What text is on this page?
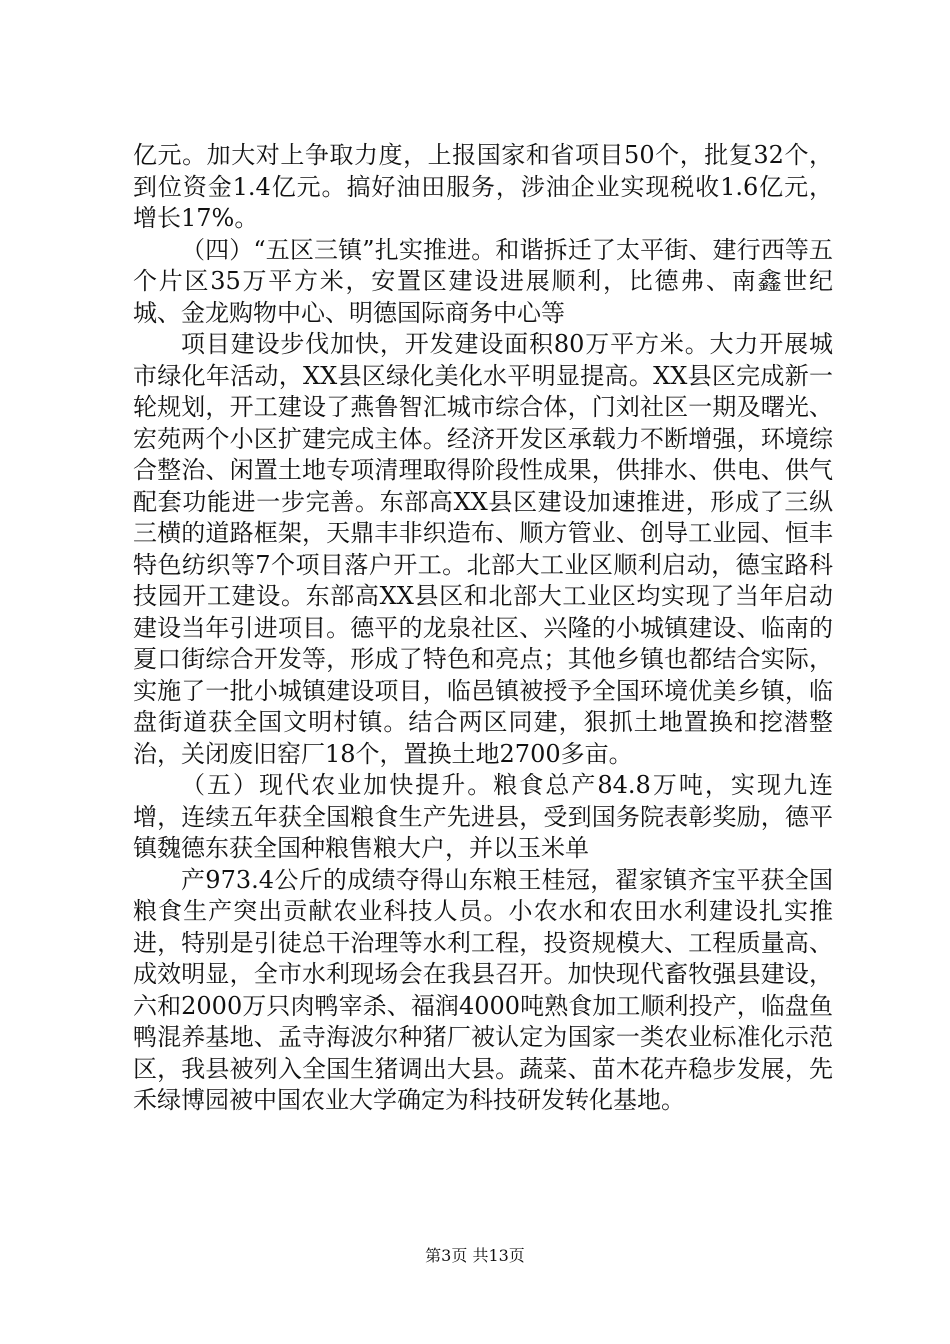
亿元。加大对上争取力度，上报国家和省项目50个，批复32个，到位资金1.4亿元。搞好油田服务，涉油企业实现税收1.6亿元，增长17%。

（四）“五区三镇”扎实推进。和谐拆迁了太平街、建行西等五个片区35万平方米，安置区建设进展顺利，比德弗、南鑫世纪城、金龙购物中心、明德国际商务中心等

项目建设步伐加快，开发建设面积80万平方米。大力开展城市绿化年活动，XX县区绿化美化水平明显提高。XX县区完成新一轮规划，开工建设了燕鲁智汇城市综合体，门刘社区一期及曙光、宏苑两个小区扩建完成主体。经济开发区承载力不断增强，环境综合整治、闲置土地专项清理取得阶段性成果，供排水、供电、供气配套功能进一步完善。东部高XX县区建设加速推进，形成了三纵三横的道路框架，天鼎丰非织造布、顺方管业、创导工业园、恒丰特色纺织等7个项目落户开工。北部大工业区顺利启动，德宝路科技园开工建设。东部高XX县区和北部大工业区均实现了当年启动建设当年引进项目。德平的龙泉社区、兴隆的小城镇建设、临南的夏口街综合开发等，形成了特色和亮点；其他乡镇也都结合实际，实施了一批小城镇建设项目，临邑镇被授予全国环境优美乡镇，临盘街道获全国文明村镇。结合两区同建，狠抓土地置换和挖潜整治，关闭废旧窑厂18个，置换土地2700多亩。

（五）现代农业加快提升。粮食总产84.8万吨，实现九连增，连续五年获全国粮食生产先进县，受到国务院表彰奖励，德平镇魏德东获全国种粮售粮大户，并以玉米单

产973.4公斤的成绩夺得山东粮王桂冠，翟家镇齐宝平获全国粮食生产突出贡献农业科技人员。小农水和农田水利建设扎实推进，特别是引徒总干治理等水利工程，投资规模大、工程质量高、成效明显，全市水利现场会在我县召开。加快现代畜牧强县建设，六和2000万只肉鸭宰杀、福润4000吨熟食加工顺利投产，临盘鱼鸭混养基地、孟寺海波尔种猪厂被认定为国家一类农业标准化示范区，我县被列入全国生猪调出大县。蔬菜、苗木花卉稳步发展，先禾绿博园被中国农业大学确定为科技研发转化基地。

第3页 共13页
